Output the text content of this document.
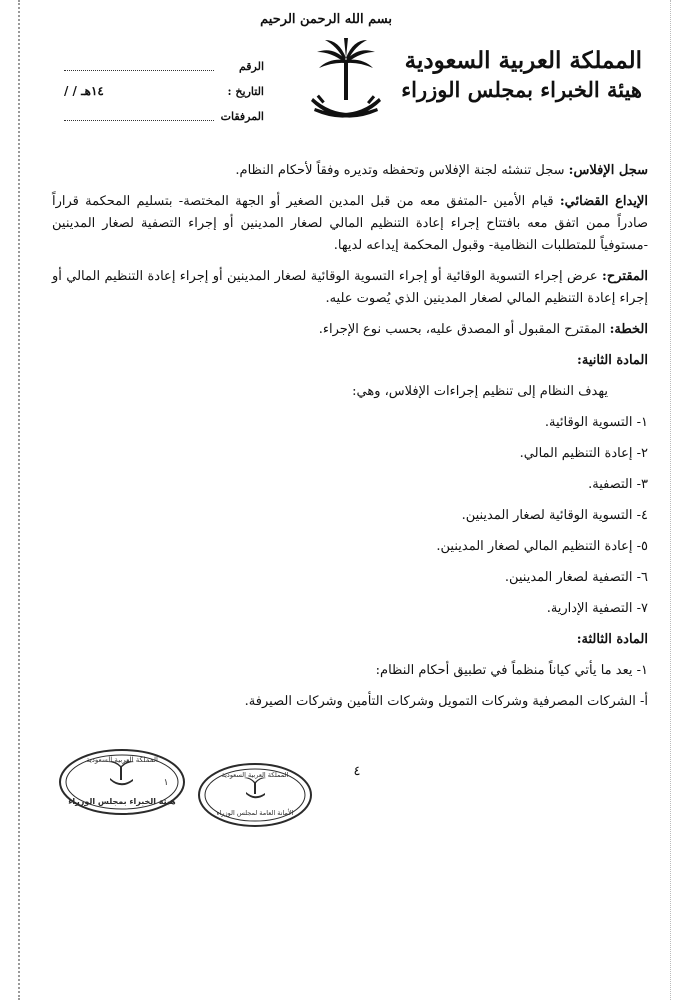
بسم الله الرحمن الرحيم
المملكة العربية السعودية
هيئة الخبراء بمجلس الوزراء
الرقم
التاريخ :
/ / ١٤هـ
المرفقات

سجل الإفلاس: سجل تنشئه لجنة الإفلاس وتحفظه وتديره وفقاً لأحكام النظام.

الإيداع القضائي: قيام الأمين -المتفق معه من قبل المدين الصغير أو الجهة المختصة- بتسليم المحكمة قراراً صادراً ممن اتفق معه بافتتاح إجراء إعادة التنظيم المالي لصغار المدينين أو إجراء التصفية لصغار المدينين -مستوفياً للمتطلبات النظامية- وقبول المحكمة إيداعه لديها.

المقترح: عرض إجراء التسوية الوقائية أو إجراء التسوية الوقائية لصغار المدينين أو إجراء إعادة التنظيم المالي أو إجراء إعادة التنظيم المالي لصغار المدينين الذي يُصوت عليه.

الخطة: المقترح المقبول أو المصدق عليه، بحسب نوع الإجراء.

المادة الثانية:

يهدف النظام إلى تنظيم إجراءات الإفلاس، وهي:

١- التسوية الوقائية.

٢- إعادة التنظيم المالي.

٣- التصفية.

٤- التسوية الوقائية لصغار المدينين.

٥- إعادة التنظيم المالي لصغار المدينين.

٦- التصفية لصغار المدينين.

٧- التصفية الإدارية.

المادة الثالثة:

١- يعد ما يأتي كياناً منظماً في تطبيق أحكام النظام:

أ- الشركات المصرفية وشركات التمويل وشركات التأمين وشركات الصيرفة.

المملكة العربية السعودية
هيئة الخبراء بمجلس الوزراء
١
المملكة العربية السعودية
الأمانة العامة لمجلس الوزراء
٤
